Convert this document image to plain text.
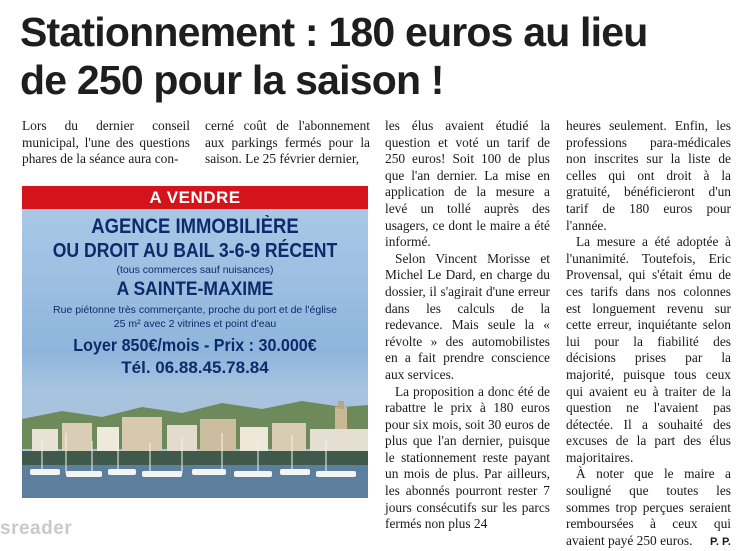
Stationnement : 180 euros au lieu
de 250 pour la saison !

Lors du dernier conseil municipal, l'une des questions phares de la séance aura con-

cerné coût de l'abonnement aux parkings fermés pour la saison. Le 25 février dernier,

A VENDRE
AGENCE IMMOBILIÈRE
OU DROIT AU BAIL 3-6-9 RÉCENT
(tous commerces sauf nuisances)
A SAINTE-MAXIME
Rue piétonne très commerçante, proche du port et de l'église
25 m² avec 2 vitrines et point d'eau
Loyer 850€/mois - Prix : 30.000€
Tél. 06.88.45.78.84

les élus avaient étudié la question et voté un tarif de 250 euros! Soit 100 de plus que l'an dernier. La mise en application de la mesure a levé un tollé auprès des usagers, ce dont le maire a été informé.

Selon Vincent Morisse et Michel Le Dard, en charge du dossier, il s'agirait d'une erreur dans les calculs de la redevance. Mais seule la « révolte » des automobilistes en a fait prendre conscience aux services.

La proposition a donc été de rabattre le prix à 180 euros pour six mois, soit 30 euros de plus que l'an dernier, puisque le stationnement reste payant un mois de plus. Par ailleurs, les abonnés pourront rester 7 jours consécutifs sur les parcs fermés non plus 24

heures seulement. Enfin, les professions para-médicales non inscrites sur la liste de celles qui ont droit à la gratuité, bénéficieront d'un tarif de 180 euros pour l'année.

La mesure a été adoptée à l'unanimité. Toutefois, Eric Provensal, qui s'était ému de ces tarifs dans nos colonnes est longuement revenu sur cette erreur, inquiétante selon lui pour la fiabilité des décisions prises par la majorité, puisque tous ceux qui avaient eu à traiter de la question ne l'avaient pas détectée. Il a souhaité des excuses de la part des élus majoritaires.

À noter que le maire a souligné que toutes les sommes trop perçues seraient remboursées à ceux qui avaient payé 250 euros.	P. P.

sreader
